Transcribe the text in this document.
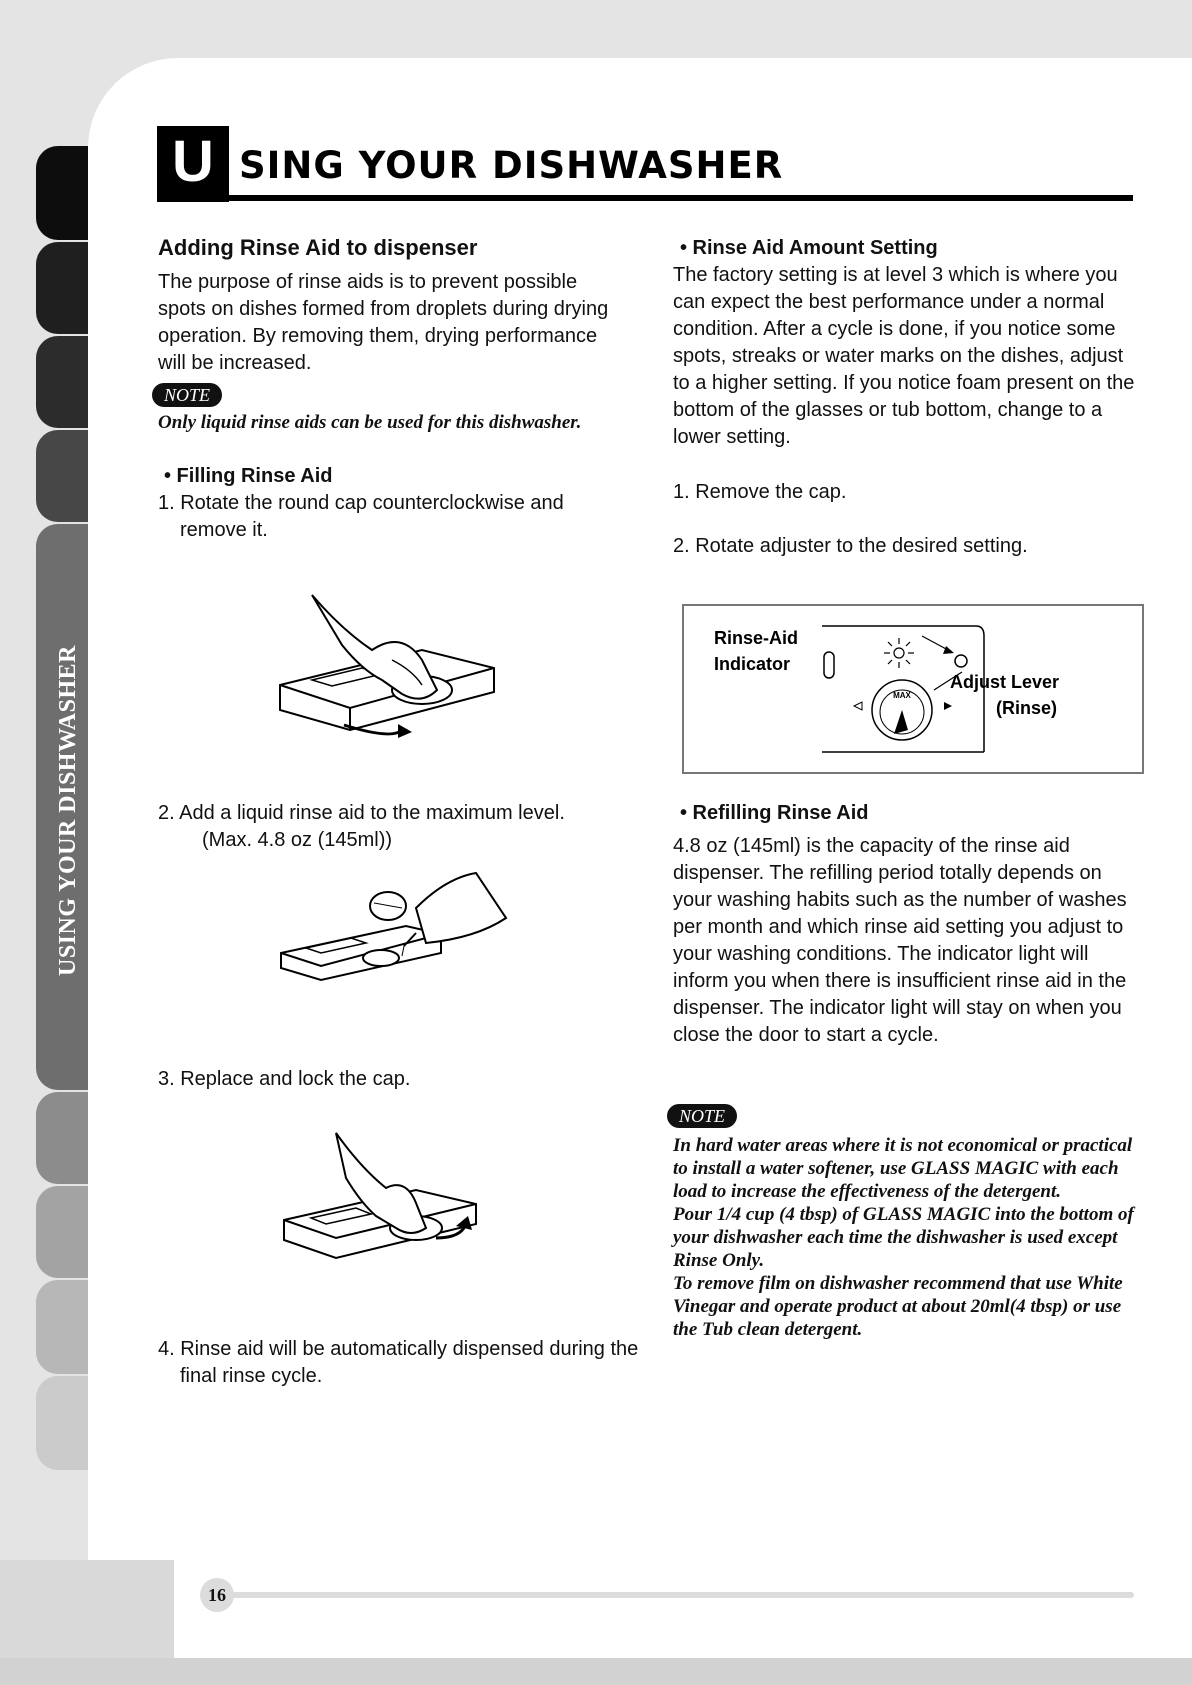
USING YOUR DISHWASHER
U SING YOUR DISHWASHER

Adding Rinse Aid to dispenser

The purpose of rinse aids is to prevent possible spots on dishes formed from droplets during drying operation. By removing them, drying performance will be increased.

NOTE
Only liquid rinse aids can be used for this dishwasher.

• Filling Rinse Aid

1. Rotate the round cap counterclockwise and remove it.

2. Add a liquid rinse aid to the maximum level.

(Max. 4.8 oz (145ml))

3. Replace and lock the cap.
4. Rinse aid will be automatically dispensed during the final rinse cycle.

• Rinse Aid Amount Setting

The factory setting is at level 3 which is where you can expect the best performance under a normal condition. After a cycle is done, if you notice some spots, streaks or water marks on the dishes, adjust to a higher setting. If you notice foam present on the bottom of the glasses or tub bottom, change to a lower setting.
1. Remove the cap.
2. Rotate adjuster to the desired setting.
MAX
Rinse-Aid
Indicator
Adjust Lever
(Rinse)

• Refilling Rinse Aid

4.8 oz (145ml) is the capacity of the rinse aid dispenser. The refilling period totally depends on your washing habits such as the number of washes per month and which rinse aid setting you adjust to your washing conditions. The indicator light will inform you when there is insufficient rinse aid in the dispenser. The indicator light will stay on when you close the door to start a cycle.
NOTE

In hard water areas where it is not economical or practical to install a water softener, use GLASS MAGIC with each load to increase the effectiveness of the detergent.

Pour 1/4 cup (4 tbsp) of GLASS MAGIC into the bottom of your dishwasher each time the dishwasher is used except Rinse Only.

To remove film on dishwasher recommend that use White Vinegar and operate product at about 20ml(4 tbsp) or use the Tub clean detergent.

16
